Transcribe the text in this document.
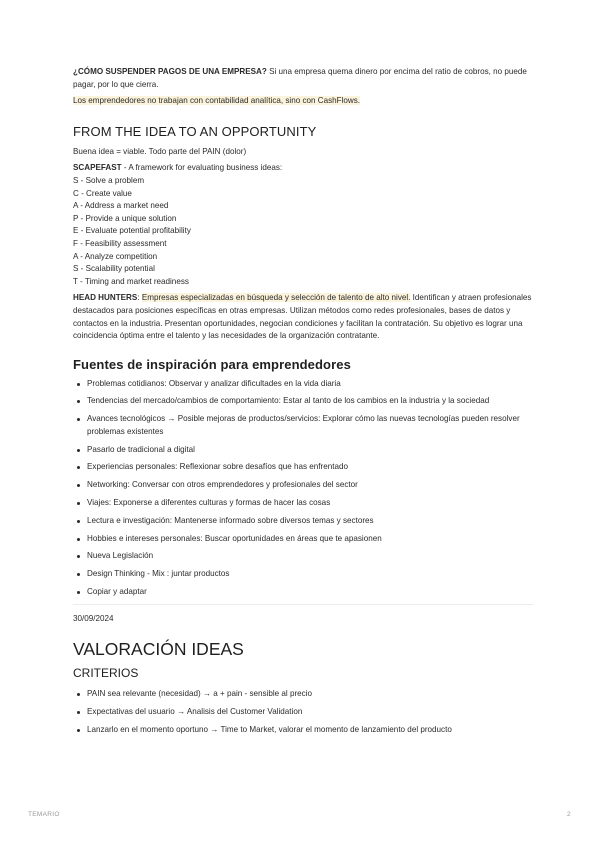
¿CÓMO SUSPENDER PAGOS DE UNA EMPRESA? Si una empresa quema dinero por encima del ratio de cobros, no puede pagar, por lo que cierra.

Los emprendedores no trabajan con contabilidad analítica, sino con CashFlows.

FROM THE IDEA TO AN OPPORTUNITY

Buena idea = viable. Todo parte del PAIN (dolor)

SCAPEFAST - A framework for evaluating business ideas:
S - Solve a problem
C - Create value
A - Address a market need
P - Provide a unique solution
E - Evaluate potential profitability
F - Feasibility assessment
A - Analyze competition
S - Scalability potential
T - Timing and market readiness

HEAD HUNTERS: Empresas especializadas en búsqueda y selección de talento de alto nivel. Identifican y atraen profesionales destacados para posiciones específicas en otras empresas. Utilizan métodos como redes profesionales, bases de datos y contactos en la industria. Presentan oportunidades, negocian condiciones y facilitan la contratación. Su objetivo es lograr una coincidencia óptima entre el talento y las necesidades de la organización contratante.

Fuentes de inspiración para emprendedores
Problemas cotidianos: Observar y analizar dificultades en la vida diaria
Tendencias del mercado/cambios de comportamiento: Estar al tanto de los cambios en la industria y la sociedad
Avances tecnológicos → Posible mejoras de productos/servicios: Explorar cómo las nuevas tecnologías pueden resolver problemas existentes
Pasarlo de tradicional a digital
Experiencias personales: Reflexionar sobre desafíos que has enfrentado
Networking: Conversar con otros emprendedores y profesionales del sector
Viajes: Exponerse a diferentes culturas y formas de hacer las cosas
Lectura e investigación: Mantenerse informado sobre diversos temas y sectores
Hobbies e intereses personales: Buscar oportunidades en áreas que te apasionen
Nueva Legislación
Design Thinking - Mix : juntar productos
Copiar y adaptar
30/09/2024
VALORACIÓN IDEAS
CRITERIOS
PAIN sea relevante (necesidad) → a + pain - sensible al precio
Expectativas del usuario → Analisis del Customer Validation
Lanzarlo en el momento oportuno → Time to Market, valorar el momento de lanzamiento del producto
TEMARIO	2
